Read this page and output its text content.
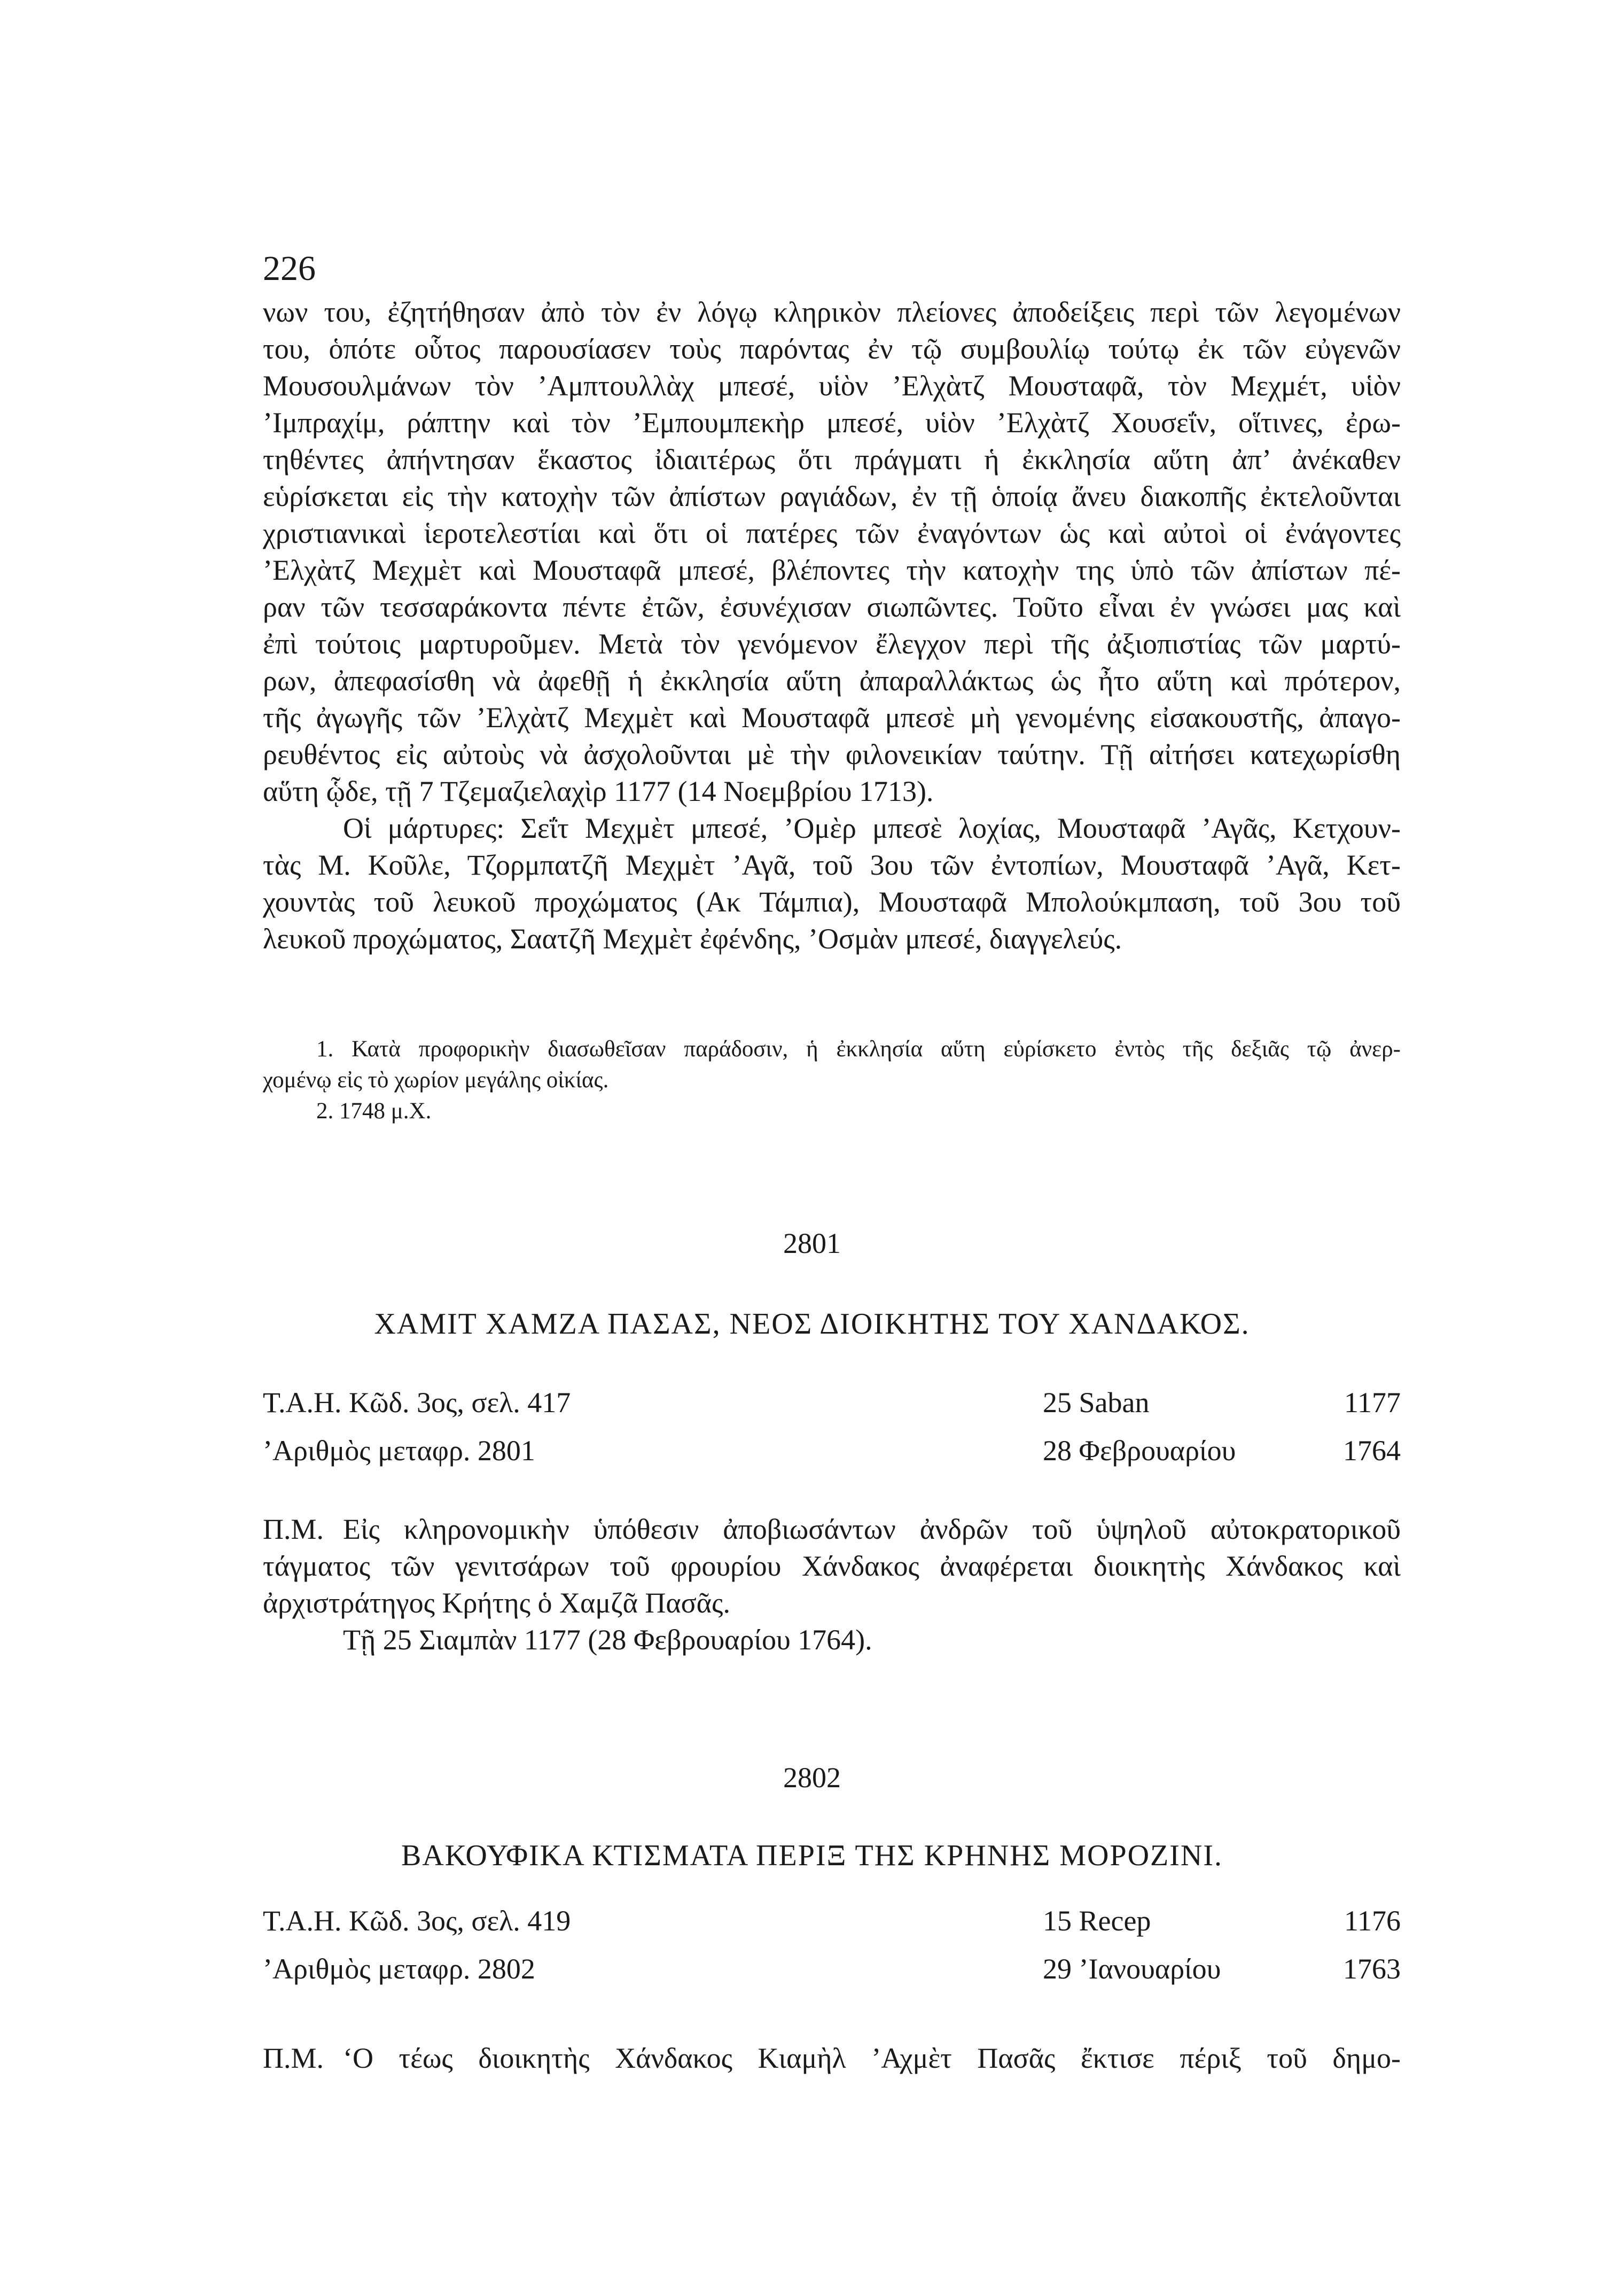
226
νων του, ἐζητήθησαν ἀπὸ τὸν ἐν λόγῳ κληρικὸν πλείονες ἀποδείξεις περὶ τῶν λεγομένων
του, ὁπότε οὗτος παρουσίασεν τοὺς παρόντας ἐν τῷ συμβουλίῳ τούτῳ ἐκ τῶν εὐγενῶν
Μουσουλμάνων τὸν ’Αμπτουλλὰχ μπεσέ, υἱὸν ’Ελχὰτζ Μουσταφᾶ, τὸν Μεχμέτ, υἱὸν
’Ιμπραχίμ, ράπτην καὶ τὸν ’Εμπουμπεκὴρ μπεσέ, υἱὸν ’Ελχὰτζ Χουσεΐν, οἵτινες, ἐρω-
τηθέντες ἀπήντησαν ἕκαστος ἰδιαιτέρως ὅτι πράγματι ἡ ἐκκλησία αὕτη ἀπ’ ἀνέκαθεν
εὑρίσκεται εἰς τὴν κατοχὴν τῶν ἀπίστων ραγιάδων, ἐν τῇ ὁποίᾳ ἄνευ διακοπῆς ἐκτελοῦνται
χριστιανικαὶ ἱεροτελεστίαι καὶ ὅτι οἱ πατέρες τῶν ἐναγόντων ὡς καὶ αὐτοὶ οἱ ἐνάγοντες
’Ελχὰτζ Μεχμὲτ καὶ Μουσταφᾶ μπεσέ, βλέποντες τὴν κατοχὴν της ὑπὸ τῶν ἀπίστων πέ-
ραν τῶν τεσσαράκοντα πέντε ἐτῶν, ἐσυνέχισαν σιωπῶντες. Τοῦτο εἶναι ἐν γνώσει μας καὶ
ἐπὶ τούτοις μαρτυροῦμεν. Μετὰ τὸν γενόμενον ἔλεγχον περὶ τῆς ἀξιοπιστίας τῶν μαρτύ-
ρων, ἀπεφασίσθη νὰ ἀφεθῇ ἡ ἐκκλησία αὕτη ἀπαραλλάκτως ὡς ἦτο αὕτη καὶ πρότερον,
τῆς ἀγωγῆς τῶν ’Ελχὰτζ Μεχμὲτ καὶ Μουσταφᾶ μπεσὲ μὴ γενομένης εἰσακουστῆς, ἀπαγο-
ρευθέντος εἰς αὐτοὺς νὰ ἀσχολοῦνται μὲ τὴν φιλονεικίαν ταύτην. Τῇ αἰτήσει κατεχωρίσθη
αὕτη ᾧδε, τῇ 7 Τζεμαζιελαχὶρ 1177 (14 Νοεμβρίου 1713).
Οἱ μάρτυρες: Σεΐτ Μεχμὲτ μπεσέ, ’Ομὲρ μπεσὲ λοχίας, Μουσταφᾶ ’Αγᾶς, Κετχουν-
τὰς Μ. Κοῦλε, Τζορμπατζῆ Μεχμὲτ ’Αγᾶ, τοῦ 3ου τῶν ἐντοπίων, Μουσταφᾶ ’Αγᾶ, Κετ-
χουντὰς τοῦ λευκοῦ προχώματος (Ακ Τάμπια), Μουσταφᾶ Μπολούκμπαση, τοῦ 3ου τοῦ
λευκοῦ προχώματος, Σαατζῆ Μεχμὲτ ἐφένδης, ’Οσμὰν μπεσέ, διαγγελεύς.
1. Κατὰ προφορικὴν διασωθεῖσαν παράδοσιν, ἡ ἐκκλησία αὕτη εὑρίσκετο ἐντὸς τῆς δεξιᾶς τῷ ἀνερ-
χομένῳ εἰς τὸ χωρίον μεγάλης οἰκίας.
2. 1748 μ.Χ.
2801
ΧΑΜΙΤ ΧΑΜΖΑ ΠΑΣΑΣ, ΝΕΟΣ ΔΙΟΙΚΗΤΗΣ ΤΟΥ ΧΑΝΔΑΚΟΣ.
Τ.Α.Η. Κῶδ. 3ος, σελ. 417	25 Saban	1177
’Αριθμὸς μεταφρ. 2801	28 Φεβρουαρίου	1764
Π.Μ. Εἰς κληρονομικὴν ὑπόθεσιν ἀποβιωσάντων ἀνδρῶν τοῦ ὑψηλοῦ αὐτοκρατορικοῦ
τάγματος τῶν γενιτσάρων τοῦ φρουρίου Χάνδακος ἀναφέρεται διοικητὴς Χάνδακος καὶ
ἀρχιστράτηγος Κρήτης ὁ Χαμζᾶ Πασᾶς.
Τῇ 25 Σιαμπὰν 1177 (28 Φεβρουαρίου 1764).
2802
ΒΑΚΟΥΦΙΚΑ ΚΤΙΣΜΑΤΑ ΠΕΡΙΞ ΤΗΣ ΚΡΗΝΗΣ ΜΟΡΟΖΙΝΙ.
Τ.Α.Η. Κῶδ. 3ος, σελ. 419	15 Recep	1176
’Αριθμὸς μεταφρ. 2802	29 ’Ιανουαρίου	1763
Π.Μ. ‘Ο τέως διοικητὴς Χάνδακος Κιαμὴλ ’Αχμὲτ Πασᾶς ἔκτισε πέριξ τοῦ δημο-
